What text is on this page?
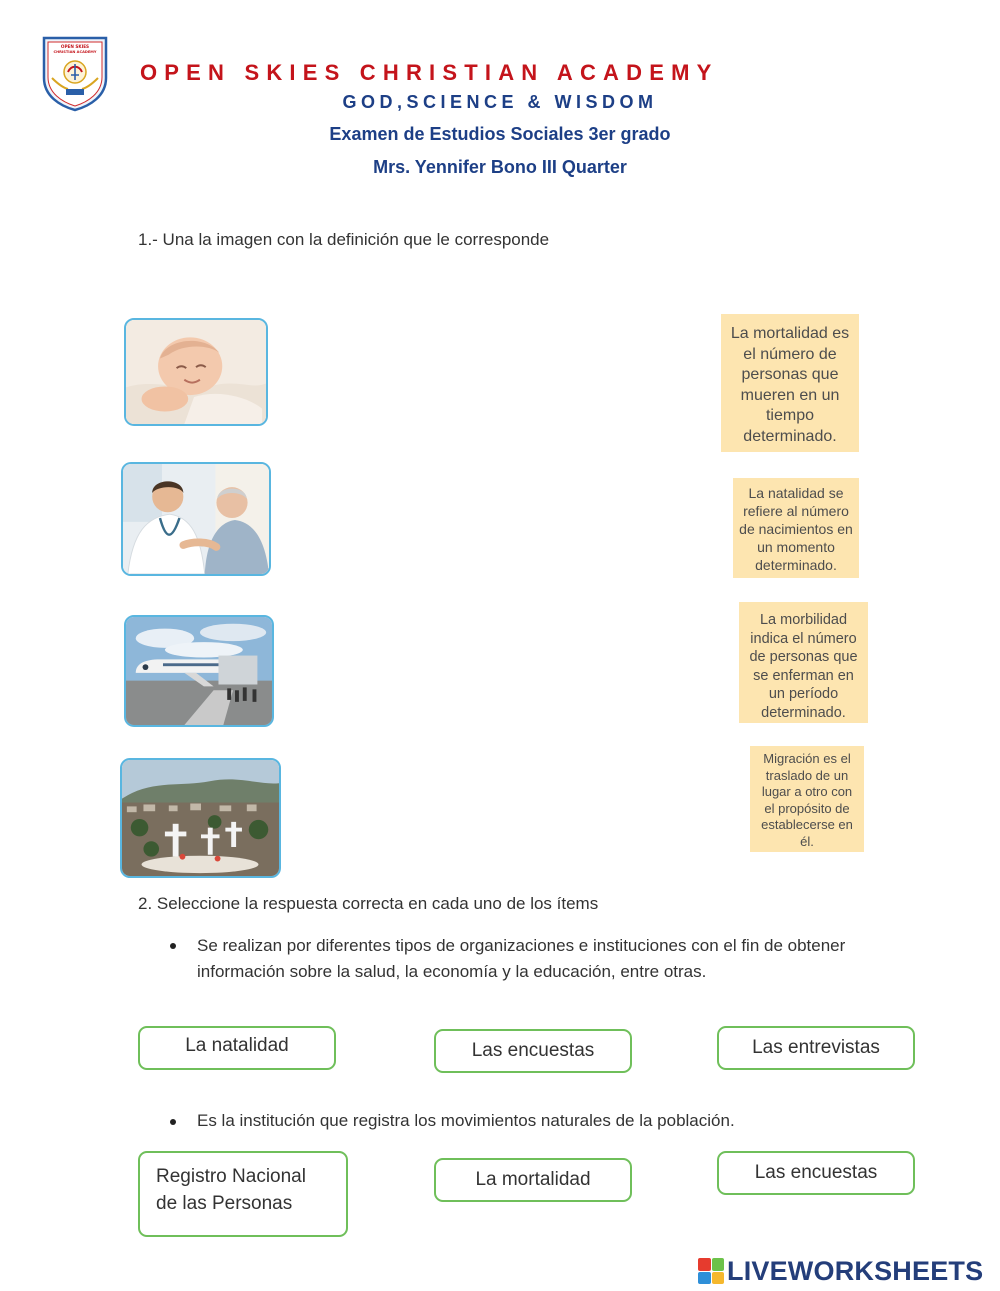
OPEN SKIES
CHRISTIAN ACADEMY
OPEN SKIES CHRISTIAN ACADEMY
GOD,SCIENCE & WISDOM
Examen de Estudios Sociales 3er grado
Mrs. Yennifer Bono III Quarter
1.- Una la imagen con la definición que le corresponde
La mortalidad es el número de personas que mueren en un tiempo determinado.
La natalidad se refiere al número de nacimientos en un momento determinado.
La morbilidad indica el número de personas que se enferman en un período determinado.
Migración es el traslado de un lugar a otro con el propósito de establecerse en él.
2. Seleccione la respuesta correcta en cada uno de los ítems
Se realizan por diferentes tipos de organizaciones e instituciones con el fin de obtener información sobre la salud, la economía y la educación, entre otras.
La natalidad	Las encuestas	Las entrevistas
Es la institución que registra los movimientos naturales de la población.
Registro Nacional de las Personas
La mortalidad	Las encuestas
LIVEWORKSHEETS
